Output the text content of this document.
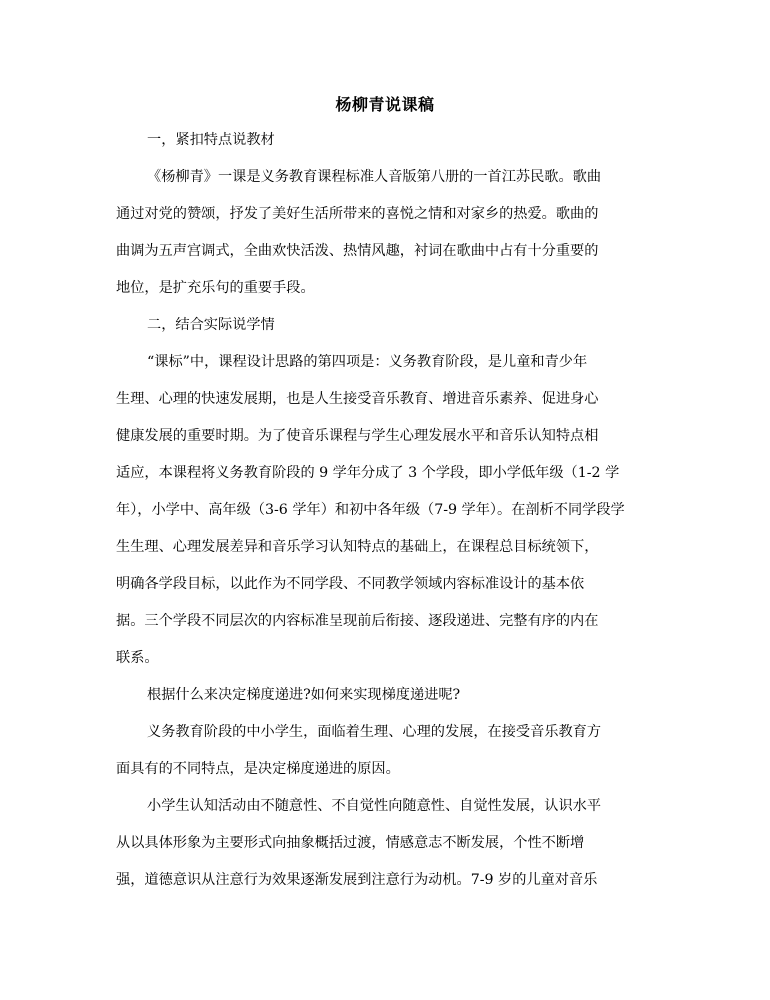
杨柳青说课稿
一，紧扣特点说教材
《杨柳青》一课是义务教育课程标准人音版第八册的一首江苏民歌。歌曲
通过对党的赞颂，抒发了美好生活所带来的喜悦之情和对家乡的热爱。歌曲的
曲调为五声宫调式，全曲欢快活泼、热情风趣，衬词在歌曲中占有十分重要的
地位，是扩充乐句的重要手段。
二，结合实际说学情
“课标”中，课程设计思路的第四项是：义务教育阶段，是儿童和青少年
生理、心理的快速发展期，也是人生接受音乐教育、增进音乐素养、促进身心
健康发展的重要时期。为了使音乐课程与学生心理发展水平和音乐认知特点相
适应，本课程将义务教育阶段的 9 学年分成了 3 个学段，即小学低年级（1-2 学
年），小学中、高年级（3-6 学年）和初中各年级（7-9 学年）。在剖析不同学段学
生生理、心理发展差异和音乐学习认知特点的基础上，在课程总目标统领下，
明确各学段目标，以此作为不同学段、不同教学领域内容标准设计的基本依
据。三个学段不同层次的内容标准呈现前后衔接、逐段递进、完整有序的内在
联系。
根据什么来决定梯度递进?如何来实现梯度递进呢?
义务教育阶段的中小学生，面临着生理、心理的发展，在接受音乐教育方
面具有的不同特点，是决定梯度递进的原因。
小学生认知活动由不随意性、不自觉性向随意性、自觉性发展，认识水平
从以具体形象为主要形式向抽象概括过渡，情感意志不断发展，个性不断增
强，道德意识从注意行为效果逐渐发展到注意行为动机。7-9 岁的儿童对音乐
